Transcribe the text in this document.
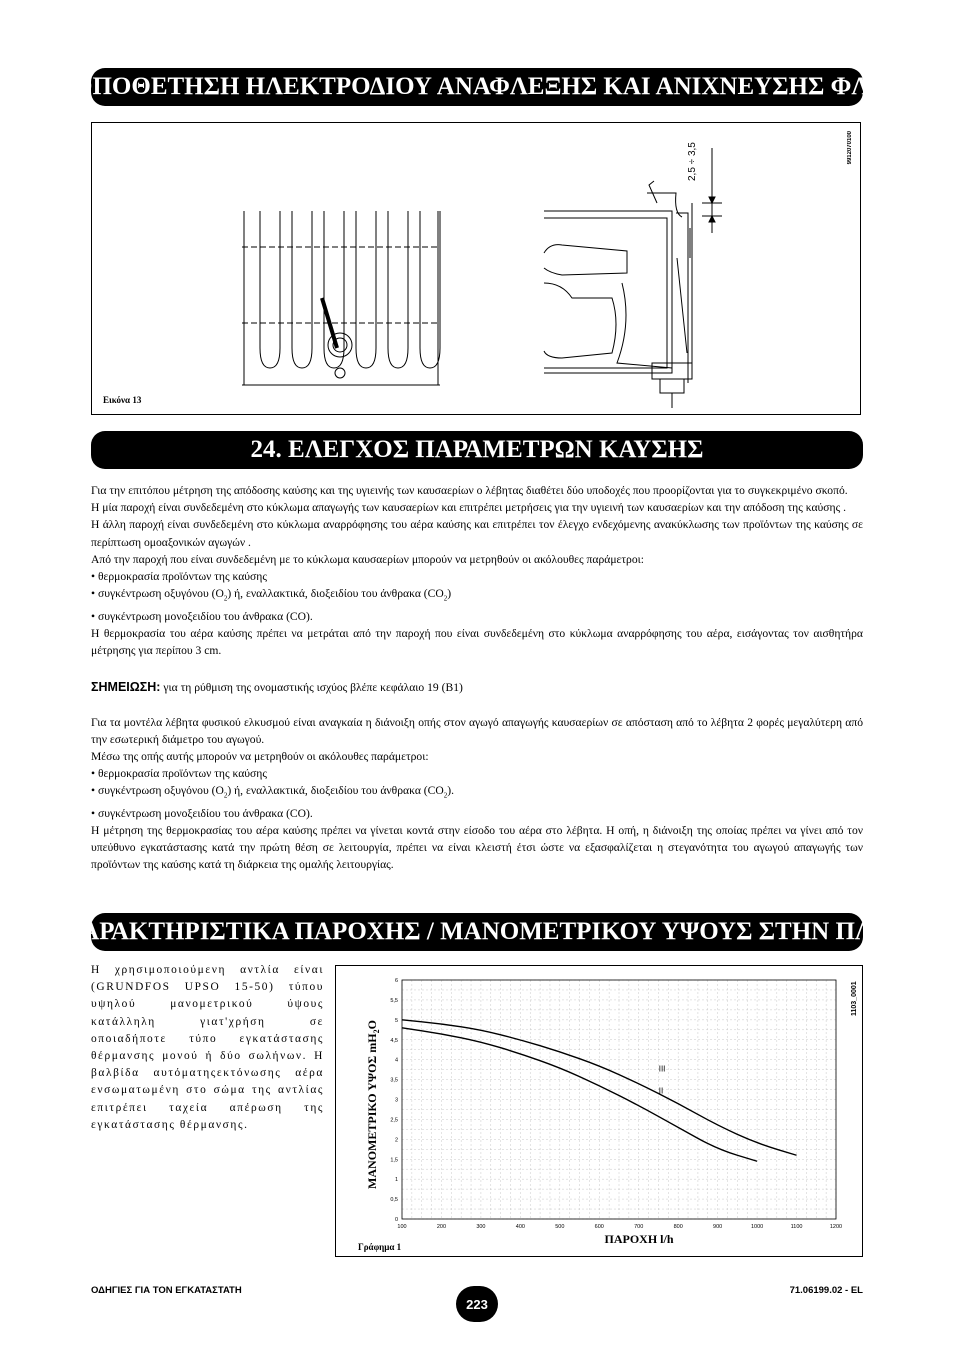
23. ΤΟΠΟΘΕΤΗΣΗ ΗΛΕΚΤΡΟΔΙΟΥ ΑΝΑΦΛΕΞΗΣ ΚΑΙ ΑΝΙΧΝΕΥΣΗΣ ΦΛΟΓΑΣ
2,5 ÷ 3,5	9912070100
Εικόνα 13
24. ΕΛΕΓΧΟΣ ΠΑΡΑΜΕΤΡΩΝ ΚΑΥΣΗΣ

Για την επιτόπου μέτρηση της απόδοσης καύσης και της υγιεινής των καυσαερίων ο λέβητας διαθέτει δύο υποδοχές που προορίζονται για το συγκεκριμένο σκοπό.

Η μία παροχή είναι συνδεδεμένη στο κύκλωμα απαγωγής των καυσαερίων και επιτρέπει μετρήσεις για την υγιεινή των καυσαερίων και την απόδοση της καύσης .

Η άλλη παροχή είναι συνδεδεμένη στο κύκλωμα αναρρόφησης του αέρα καύσης και επιτρέπει τον έλεγχο ενδεχόμενης ανακύκλωσης των προϊόντων της καύσης σε περίπτωση ομοαξονικών αγωγών .

Από την παροχή που είναι συνδεδεμένη με το κύκλωμα καυσαερίων μπορούν να μετρηθούν οι ακόλουθες παράμετροι:

• θερμοκρασία προϊόντων της καύσης

• συγκέντρωση οξυγόνου $(O_2)$ ή, εναλλακτικά, διοξειδίου του άνθρακα $(CO_2)$

• συγκέντρωση μονοξειδίου του άνθρακα (CO).

Η θερμοκρασία του αέρα καύσης πρέπει να μετράται από την παροχή που είναι συνδεδεμένη στο κύκλωμα αναρρόφησης του αέρα, εισάγοντας τον αισθητήρα μέτρησης για περίπου 3 cm.

ΣΗΜΕΙΩΣΗ: για τη ρύθμιση της ονομαστικής ισχύος βλέπε κεφάλαιο 19 (B1)

Για τα μοντέλα λέβητα φυσικού ελκυσμού είναι αναγκαία η διάνοιξη οπής στον αγωγό απαγωγής καυσαερίων σε απόσταση από το λέβητα 2 φορές μεγαλύτερη από την εσωτερική διάμετρο του αγωγού.

Μέσω της οπής αυτής μπορούν να μετρηθούν οι ακόλουθες παράμετροι:

• θερμοκρασία προϊόντων της καύσης

• συγκέντρωση οξυγόνου $(O_2)$ ή, εναλλακτικά, διοξειδίου του άνθρακα $(CO_2)$.

• συγκέντρωση μονοξειδίου του άνθρακα (CO).

Η μέτρηση της θερμοκρασίας του αέρα καύσης πρέπει να γίνεται κοντά στην είσοδο του αέρα στο λέβητα. Η οπή, η διάνοιξη της οποίας πρέπει να γίνει από τον υπεύθυνο εγκατάστασης κατά την πρώτη θέση σε λειτουργία, πρέπει να είναι κλειστή έτσι ώστε να εξασφαλίζεται η στεγανότητα του αγωγού απαγωγής των προϊόντων της καύσης κατά τη διάρκεια της ομαλής λειτουργίας.

25. ΧΑΡΑΚΤΗΡΙΣΤΙΚΑ ΠΑΡΟΧΗΣ / ΜΑΝΟΜΕΤΡΙΚΟΥ ΥΨΟΥΣ ΣΤΗΝ ΠΛΑΚΑ
Η χρησιμοποιούμενη αντλία είναι (GRUNDFOS UPSO 15-50) τύπου υψηλού μανομετρικού ύψους κατάλληλη γιατ'χρήση σε οποιαδήποτε τύπο εγκατάστασης θέρμανσης μονού ή δύο σωλήνων. Η βαλβίδα αυτόματηςεκτόνωσης αέρα ενσωματωμένη στο σώμα της αντλίας επιτρέπει ταχεία απέρωση της εγκατάστασης θέρμανσης.
100	200	300	400	500	600	700	800	900	1000	1100	1200
0
0,5
1
1,5
2
2,5
3
3,5
4
4,5
5
5,5
6
III
II
ΜΑΝΟΜΕΤΡΙΚΟ ΥΨΟΣ $mH_2O$
ΠΑΡΟΧΗ l/h
1103_0001
Γράφημα 1
ΟΔΗΓΙΕΣ ΓΙΑ ΤΟΝ ΕΓΚΑΤΑΣΤΑΤΗ
223
71.06199.02 - EL
